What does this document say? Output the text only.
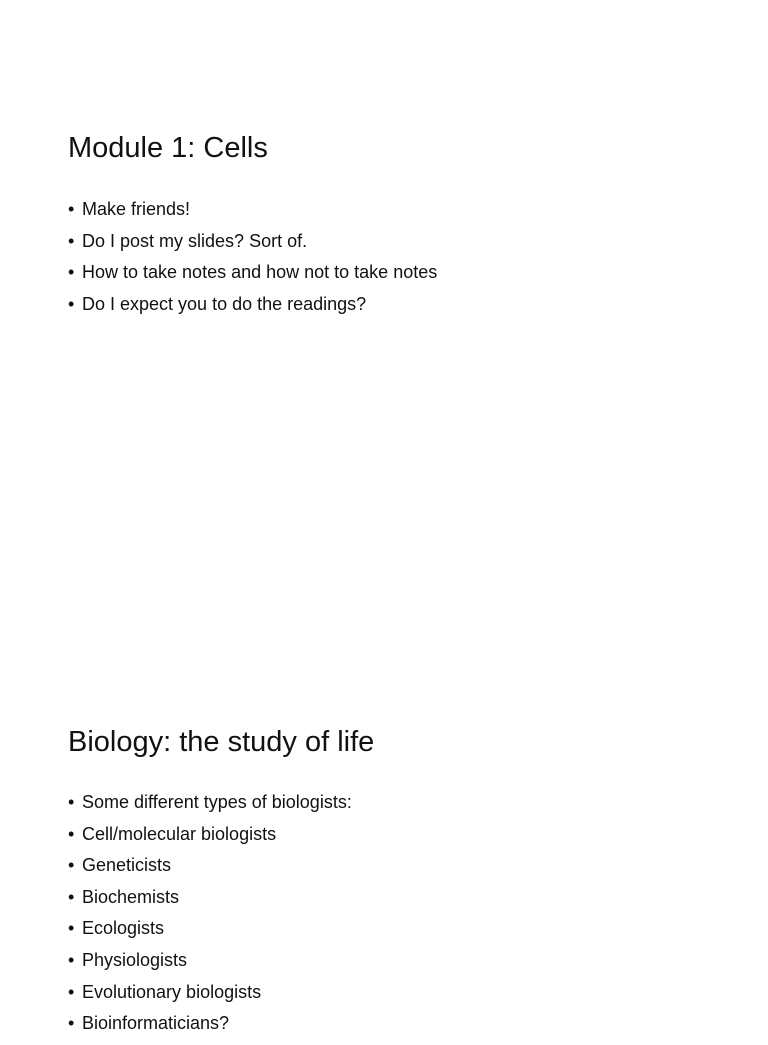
Module 1: Cells
• Make friends!
• Do I post my slides? Sort of.
• How to take notes and how not to take notes
• Do I expect you to do the readings?
Biology: the study of life
• Some different types of biologists:
• Cell/molecular biologists
• Geneticists
• Biochemists
• Ecologists
• Physiologists
• Evolutionary biologists
• Bioinformaticians?
